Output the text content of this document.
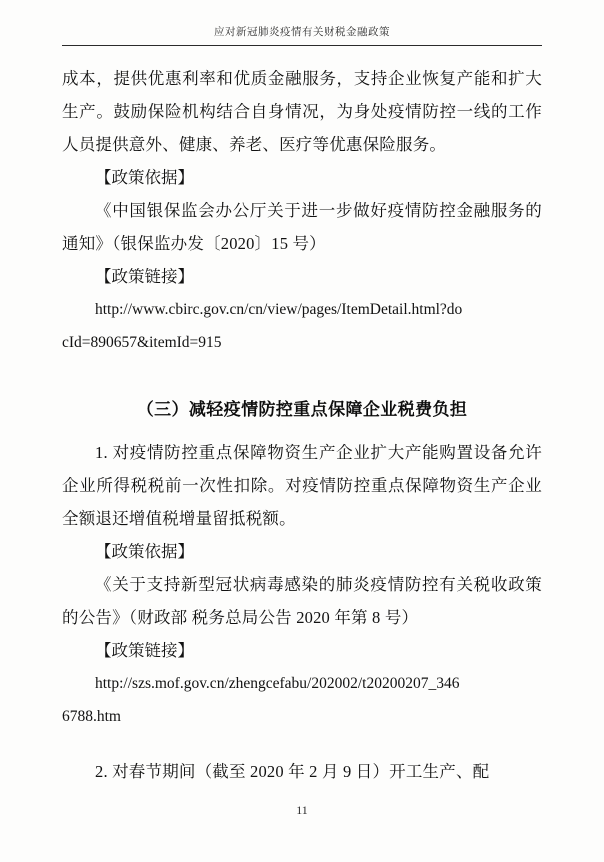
应对新冠肺炎疫情有关财税金融政策

成本，提供优惠利率和优质金融服务，支持企业恢复产能和扩大生产。鼓励保险机构结合自身情况，为身处疫情防控一线的工作人员提供意外、健康、养老、医疗等优惠保险服务。

【政策依据】

《中国银保监会办公厅关于进一步做好疫情防控金融服务的通知》（银保监办发〔2020〕15 号）

【政策链接】

http://www.cbirc.gov.cn/cn/view/pages/ItemDetail.html?do

cId=890657&itemId=915

（三）减轻疫情防控重点保障企业税费负担

1. 对疫情防控重点保障物资生产企业扩大产能购置设备允许企业所得税税前一次性扣除。对疫情防控重点保障物资生产企业全额退还增值税增量留抵税额。

【政策依据】

《关于支持新型冠状病毒感染的肺炎疫情防控有关税收政策的公告》（财政部 税务总局公告 2020 年第 8 号）

【政策链接】

http://szs.mof.gov.cn/zhengcefabu/202002/t20200207_346

6788.htm

2. 对春节期间（截至 2020 年 2 月 9 日）开工生产、配

11
